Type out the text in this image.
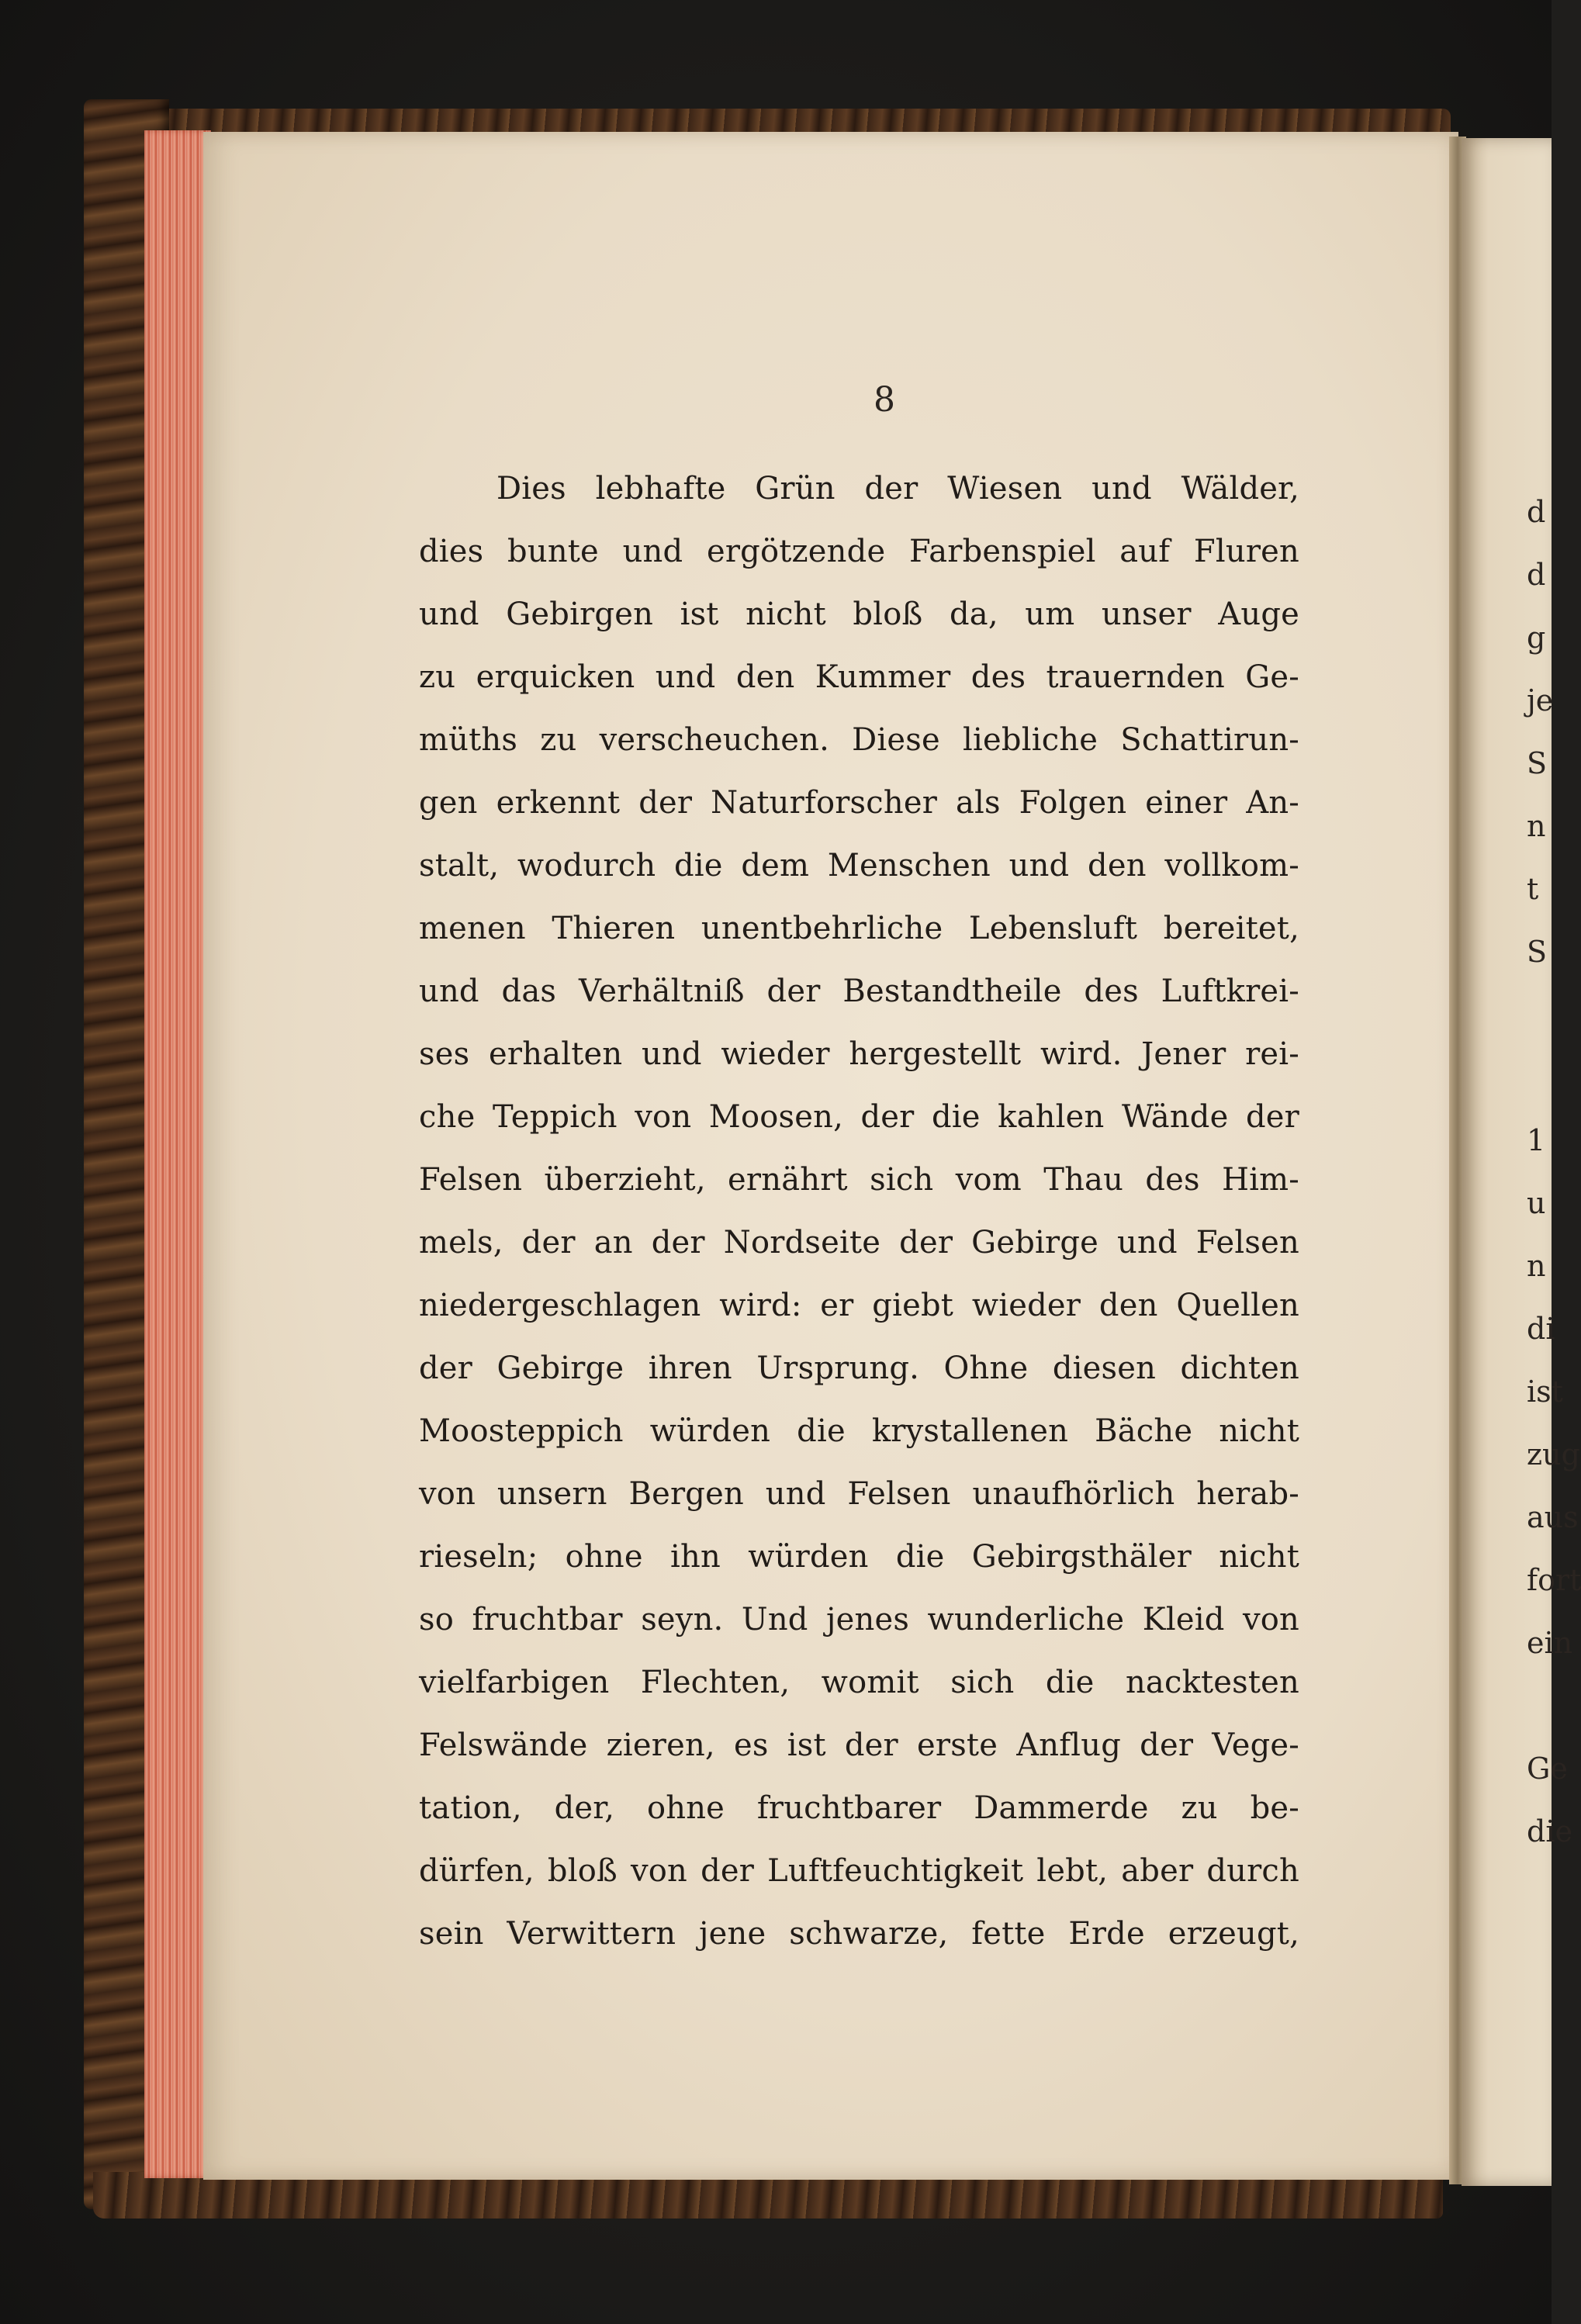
8

Dies lebhafte Grün der Wiesen und Wälder,
dies bunte und ergötzende Farbenspiel auf Fluren
und Gebirgen ist nicht bloß da, um unser Auge
zu erquicken und den Kummer des trauernden Ge-
müths zu verscheuchen. Diese liebliche Schattirun-
gen erkennt der Naturforscher als Folgen einer An-
stalt, wodurch die dem Menschen und den vollkom-
menen Thieren unentbehrliche Lebensluft bereitet,
und das Verhältniß der Bestandtheile des Luftkrei-
ses erhalten und wieder hergestellt wird. Jener rei-
che Teppich von Moosen, der die kahlen Wände der
Felsen überzieht, ernährt sich vom Thau des Him-
mels, der an der Nordseite der Gebirge und Felsen
niedergeschlagen wird: er giebt wieder den Quellen
der Gebirge ihren Ursprung. Ohne diesen dichten
Moosteppich würden die krystallenen Bäche nicht
von unsern Bergen und Felsen unaufhörlich herab-
rieseln; ohne ihn würden die Gebirgsthäler nicht
so fruchtbar seyn. Und jenes wunderliche Kleid von
vielfarbigen Flechten, womit sich die nacktesten
Felswände zieren, es ist der erste Anflug der Vege-
tation, der, ohne fruchtbarer Dammerde zu be-
dürfen, bloß von der Luftfeuchtigkeit lebt, aber durch
sein Verwittern jene schwarze, fette Erde erzeugt,
d
d
g
je
S
n
t
S
1
u
n
di
ist
zug
aus
fort
ein
Ge
die
